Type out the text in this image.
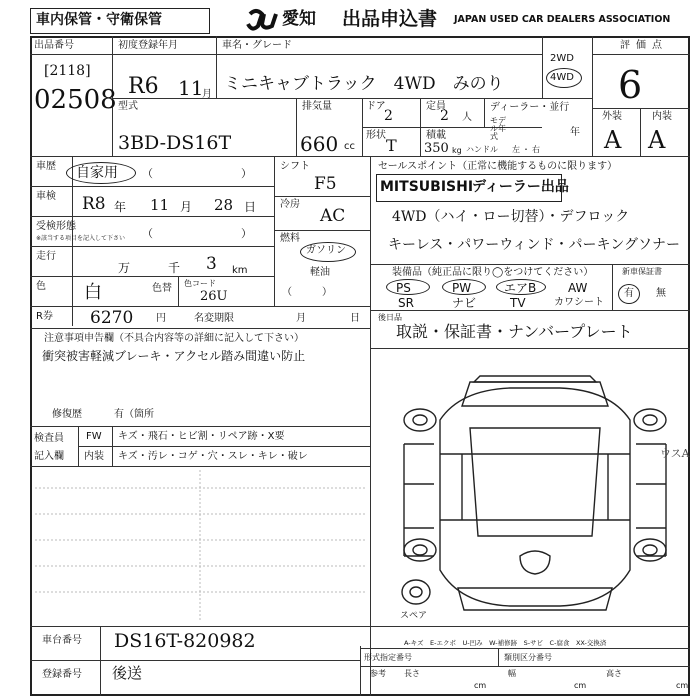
車内保管・守衛保管	愛知 出品申込書 JAPAN USED CAR DEALERS ASSOCIATION
出品番号
[2118]
02508
初度登録年月
R6 11
月
車名・グレード
ミニキャブトラック　4WD　みのり
2WD
4WD
評価点
6
外装	内装
A A
型式
3BD-DS16T
排気量
660 cc
ドア
2
形状
T
定員
2 人
積載
350 kg ハンドル 左・右
ディーラー・並行
モデル年式	年
車歴 自家用 （　　　　　　　　）
車検 R8 年 11 月 28 日
受検形態
※該当する項目を記入して下さい （　　　　　　　　）
走行
万	千 3 km
色 白	色替 色コード
26U
R券 6270 円	名変期限	月	日
シフト
F5
冷房
AC
燃料
ガソリン
軽油
（　　　）
セールスポイント（正常に機能するものに限ります）
MITSUBISHI
ディーラー出品
4WD（ハイ・ロー切替）・デフロック
キーレス・パワーウィンド・パーキングソナー
装備品（純正品に限り◯をつけてください）
PS	PW	エアB	AW
SR	ナビ	TV	カワシート
新車保証書
有 無
後日品
取説・保証書・ナンバープレート
注意事項申告欄（不具合内容等の詳細に記入して下さい）
衝突被害軽減ブレーキ・アクセル踏み間違い防止
修復歴	有（箇所
検査員
記入欄
FW キズ・飛石・ヒビ割・リペア跡・X要
内装 キズ・汚レ・コゲ・穴・スレ・キレ・破レ	ウスA
スペア
A-キズ　E-エクボ　U-凹み　W-補修跡　S-サビ　C-腐食　XX-交換済
車台番号 DS16T-820982
登録番号 後送
形式指定番号	類別区分番号
参考 長さ
cm
幅
cm
高さ
cm
